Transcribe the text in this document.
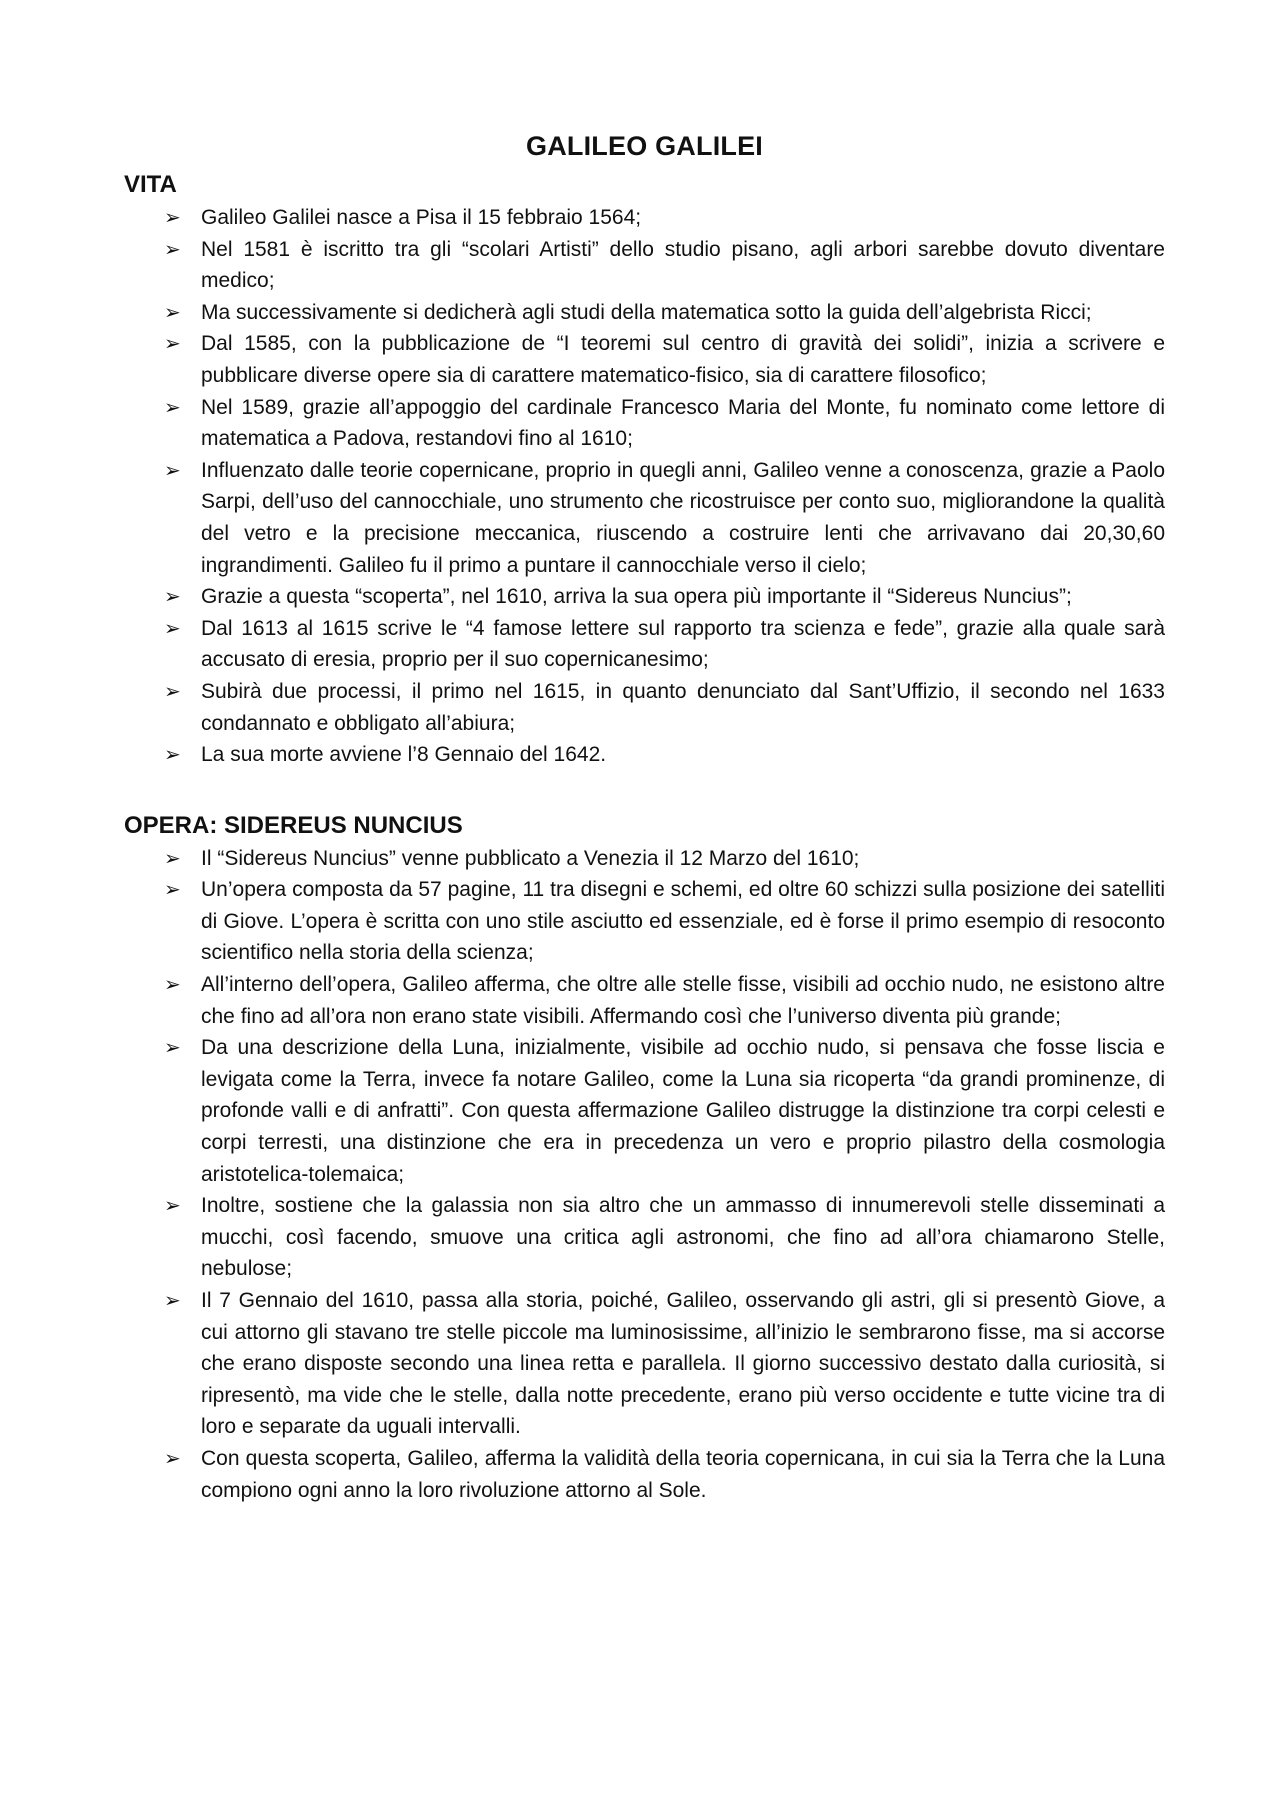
GALILEO GALILEI
VITA
➢ Galileo Galilei nasce a Pisa il 15 febbraio 1564;
➢ Nel 1581 è iscritto tra gli “scolari Artisti” dello studio pisano, agli arbori sarebbe dovuto diventare medico;
➢ Ma successivamente si dedicherà agli studi della matematica sotto la guida dell’algebrista Ricci;
➢ Dal 1585, con la pubblicazione de “I teoremi sul centro di gravità dei solidi”, inizia a scrivere e pubblicare diverse opere sia di carattere matematico-fisico, sia di carattere filosofico;
➢ Nel 1589, grazie all’appoggio del cardinale Francesco Maria del Monte, fu nominato come lettore di matematica a Padova, restandovi fino al 1610;
➢ Influenzato dalle teorie copernicane, proprio in quegli anni, Galileo venne a conoscenza, grazie a Paolo Sarpi, dell’uso del cannocchiale, uno strumento che ricostruisce per conto suo, migliorandone la qualità del vetro e la precisione meccanica, riuscendo a costruire lenti che arrivavano dai 20,30,60 ingrandimenti. Galileo fu il primo a puntare il cannocchiale verso il cielo;
➢ Grazie a questa “scoperta”, nel 1610, arriva la sua opera più importante il “Sidereus Nuncius”;
➢ Dal 1613 al 1615 scrive le “4 famose lettere sul rapporto tra scienza e fede”, grazie alla quale sarà accusato di eresia, proprio per il suo copernicanesimo;
➢ Subirà due processi, il primo nel 1615, in quanto denunciato dal Sant’Uffizio, il secondo nel 1633 condannato e obbligato all’abiura;
➢ La sua morte avviene l’8 Gennaio del 1642.
OPERA: SIDEREUS NUNCIUS
➢ Il “Sidereus Nuncius” venne pubblicato a Venezia il 12 Marzo del 1610;
➢ Un’opera composta da 57 pagine, 11 tra disegni e schemi, ed oltre 60 schizzi sulla posizione dei satelliti di Giove. L’opera è scritta con uno stile asciutto ed essenziale, ed è forse il primo esempio di resoconto scientifico nella storia della scienza;
➢ All’interno dell’opera, Galileo afferma, che oltre alle stelle fisse, visibili ad occhio nudo, ne esistono altre che fino ad all’ora non erano state visibili. Affermando così che l’universo diventa più grande;
➢ Da una descrizione della Luna, inizialmente, visibile ad occhio nudo, si pensava che fosse liscia e levigata come la Terra, invece fa notare Galileo, come la Luna sia ricoperta “da grandi prominenze, di profonde valli e di anfratti”. Con questa affermazione Galileo distrugge la distinzione tra corpi celesti e corpi terresti, una distinzione che era in precedenza un vero e proprio pilastro della cosmologia aristotelica-tolemaica;
➢ Inoltre, sostiene che la galassia non sia altro che un ammasso di innumerevoli stelle disseminati a mucchi, così facendo, smuove una critica agli astronomi, che fino ad all’ora chiamarono Stelle, nebulose;
➢ Il 7 Gennaio del 1610, passa alla storia, poiché, Galileo, osservando gli astri, gli si presentò Giove, a cui attorno gli stavano tre stelle piccole ma luminosissime, all’inizio le sembrarono fisse, ma si accorse che erano disposte secondo una linea retta e parallela. Il giorno successivo destato dalla curiosità, si ripresentò, ma vide che le stelle, dalla notte precedente, erano più verso occidente e tutte vicine tra di loro e separate da uguali intervalli.
➢ Con questa scoperta, Galileo, afferma la validità della teoria copernicana, in cui sia la Terra che la Luna compiono ogni anno la loro rivoluzione attorno al Sole.
